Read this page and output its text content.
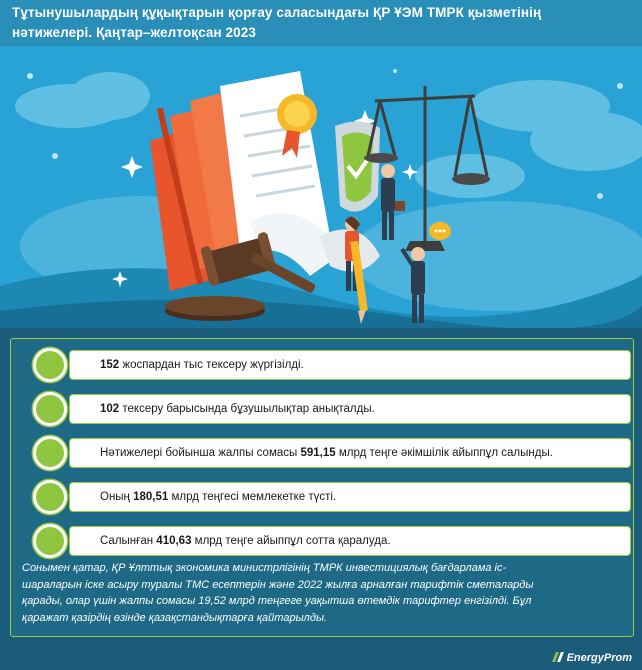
Тұтынушылардың құқықтарын қорғау саласындағы ҚР ҰЭМ ТМРК қызметінің
нәтижелері. Қаңтар–желтоқсан 2023
152 жоспардан тыс тексеру жүргізілді.
102 тексеру барысында бұзушылықтар анықталды.
Нәтижелері бойынша жалпы сомасы 591,15 млрд теңге әкімшілік айыппұл салынды.
Оның 180,51 млрд теңгесі мемлекетке түсті.
Салынған 410,63 млрд теңге айыппұл сотта қаралуда.
Сонымен қатар, ҚР Ұлттық экономика министрлігінің ТМРК инвестициялық бағдарлама іс-
шараларын іске асыру туралы ТМС есептерін және 2022 жылға арналған тарифтік сметаларды
қарады, олар үшін жалпы сомасы 19,52 млрд теңгеге уақытша өтемдік тарифтер енгізілді. Бұл
қаражат қазірдің өзінде қазақстандықтарға қайтарылды.
EnergyProm
